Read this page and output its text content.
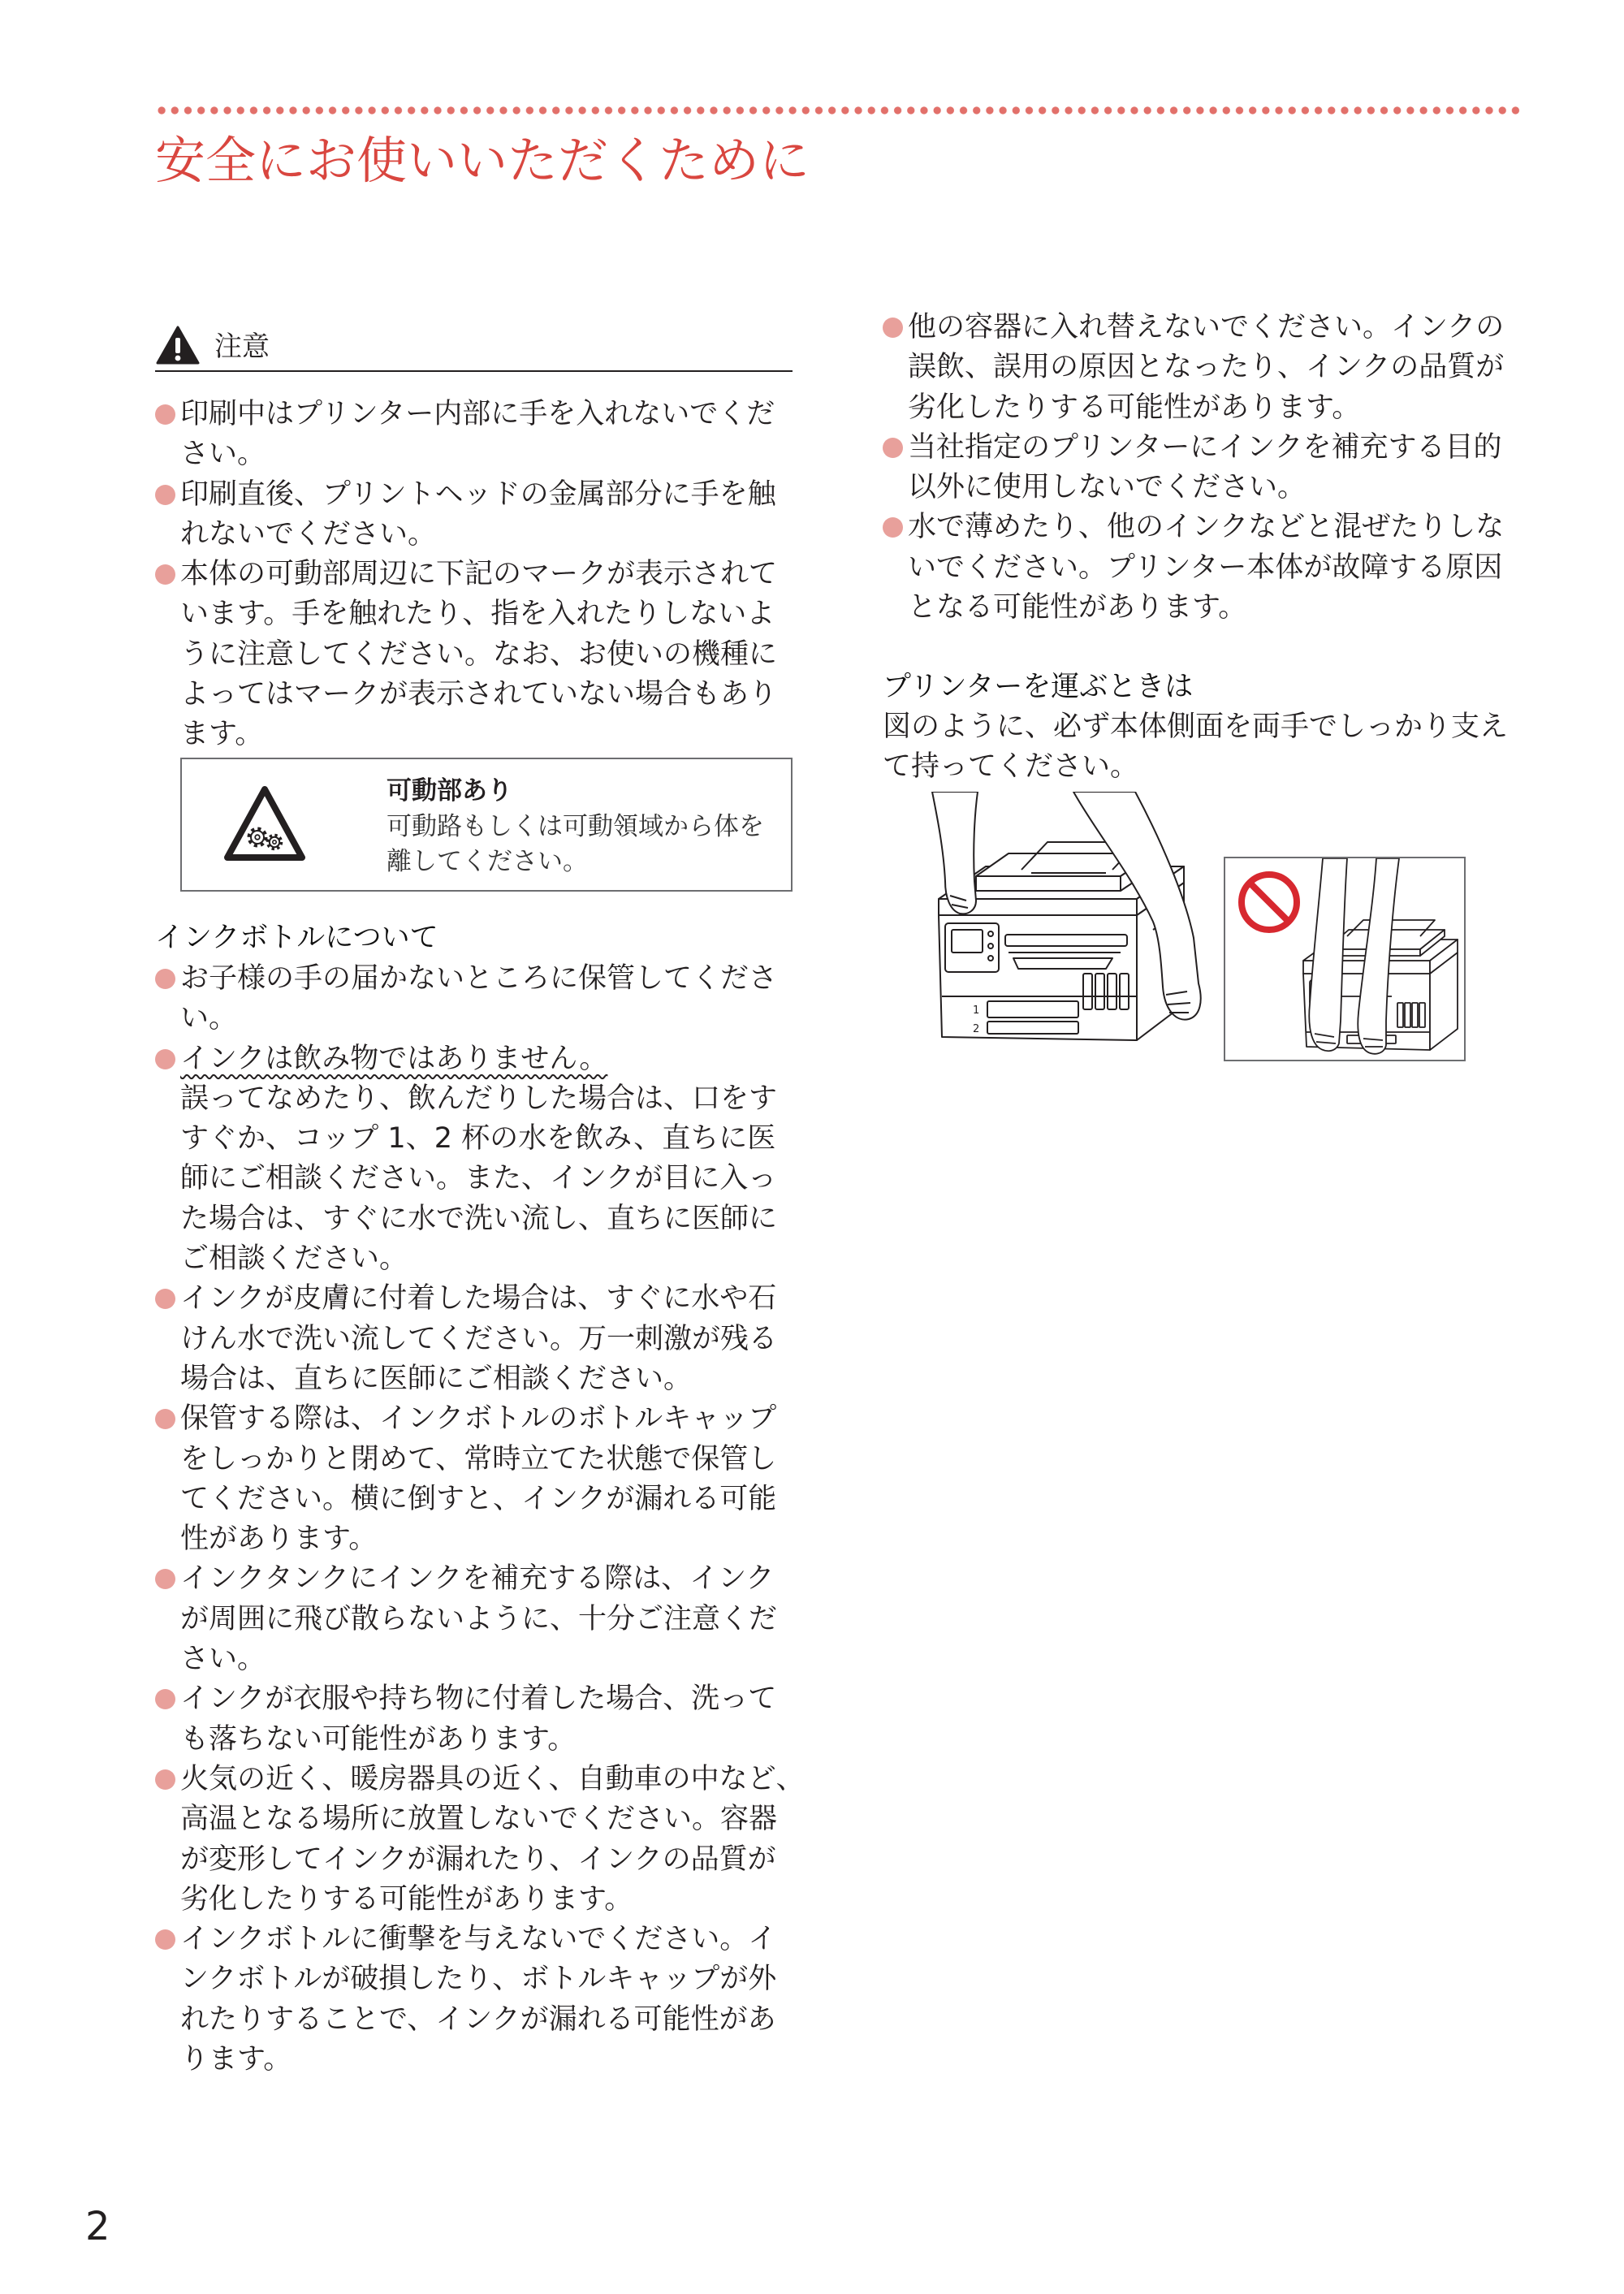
安全にお使いいただくために
注意
印刷中はプリンター内部に手を入れないでくだ
さい。
印刷直後、プリントヘッドの金属部分に手を触
れないでください。
本体の可動部周辺に下記のマークが表示されて
います。手を触れたり、指を入れたりしないよ
うに注意してください。なお、お使いの機種に
よってはマークが表示されていない場合もあり
ます。
可動部あり
可動路もしくは可動領域から体を
離してください。
インクボトルについて
お子様の手の届かないところに保管してくださ
い。
インクは飲み物ではありません。
誤ってなめたり、飲んだりした場合は、口をす
すぐか、コップ 1、2 杯の水を飲み、直ちに医
師にご相談ください。また、インクが目に入っ
た場合は、すぐに水で洗い流し、直ちに医師に
ご相談ください。
インクが皮膚に付着した場合は、すぐに水や石
けん水で洗い流してください。万一刺激が残る
場合は、直ちに医師にご相談ください。
保管する際は、インクボトルのボトルキャップ
をしっかりと閉めて、常時立てた状態で保管し
てください。横に倒すと、インクが漏れる可能
性があります。
インクタンクにインクを補充する際は、インク
が周囲に飛び散らないように、十分ご注意くだ
さい。
インクが衣服や持ち物に付着した場合、洗って
も落ちない可能性があります。
火気の近く、暖房器具の近く、自動車の中など、
高温となる場所に放置しないでください。容器
が変形してインクが漏れたり、インクの品質が
劣化したりする可能性があります。
インクボトルに衝撃を与えないでください。イ
ンクボトルが破損したり、ボトルキャップが外
れたりすることで、インクが漏れる可能性があ
ります。
他の容器に入れ替えないでください。インクの
誤飲、誤用の原因となったり、インクの品質が
劣化したりする可能性があります。
当社指定のプリンターにインクを補充する目的
以外に使用しないでください。
水で薄めたり、他のインクなどと混ぜたりしな
いでください。プリンター本体が故障する原因
となる可能性があります。
プリンターを運ぶときは
図のように、必ず本体側面を両手でしっかり支え
て持ってください。
1
2
2
